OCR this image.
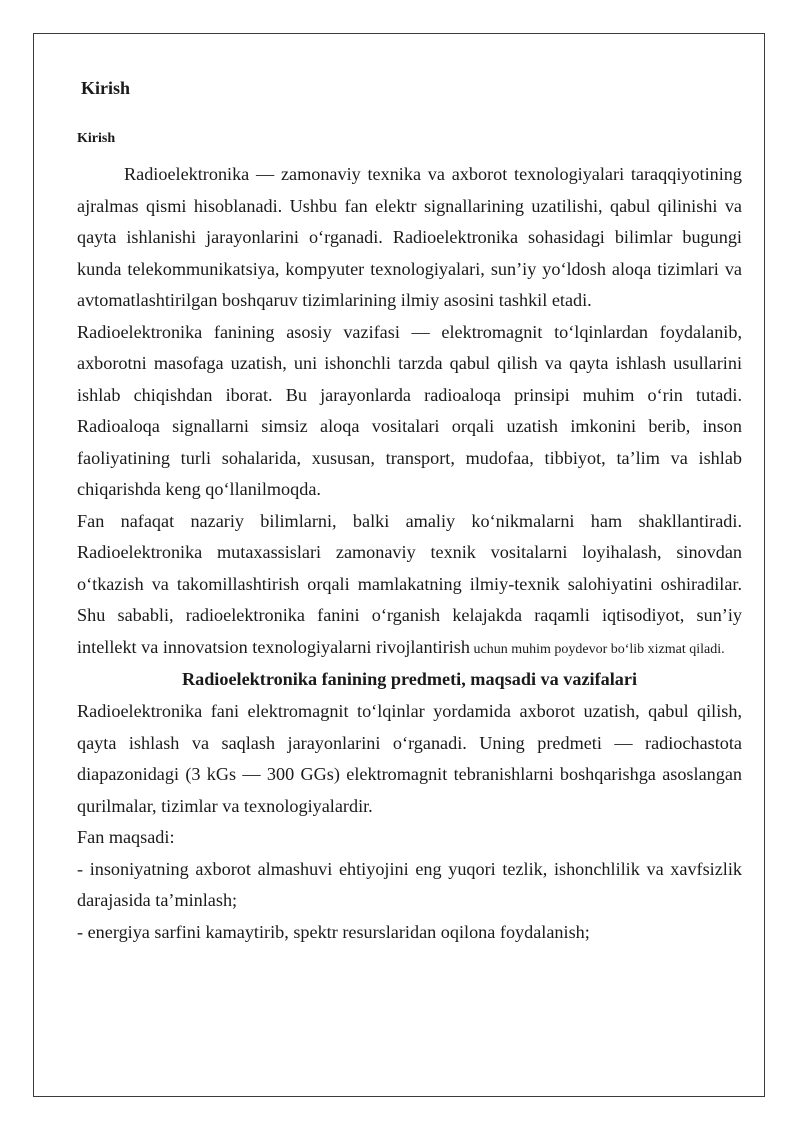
Kirish
Kirish

Radioelektronika — zamonaviy texnika va axborot texnologiyalari taraqqiyotining ajralmas qismi hisoblanadi. Ushbu fan elektr signallarining uzatilishi, qabul qilinishi va qayta ishlanishi jarayonlarini o‘rganadi. Radioelektronika sohasidagi bilimlar bugungi kunda telekommunikatsiya, kompyuter texnologiyalari, sun’iy yo‘ldosh aloqa tizimlari va avtomatlashtirilgan boshqaruv tizimlarining ilmiy asosini tashkil etadi.

Radioelektronika fanining asosiy vazifasi — elektromagnit to‘lqinlardan foydalanib, axborotni masofaga uzatish, uni ishonchli tarzda qabul qilish va qayta ishlash usullarini ishlab chiqishdan iborat. Bu jarayonlarda radioaloqa prinsipi muhim o‘rin tutadi. Radioaloqa signallarni simsiz aloqa vositalari orqali uzatish imkonini berib, inson faoliyatining turli sohalarida, xususan, transport, mudofaa, tibbiyot, ta’lim va ishlab chiqarishda keng qo‘llanilmoqda.

Fan nafaqat nazariy bilimlarni, balki amaliy ko‘nikmalarni ham shakllantiradi. Radioelektronika mutaxassislari zamonaviy texnik vositalarni loyihalash, sinovdan o‘tkazish va takomillashtirish orqali mamlakatning ilmiy-texnik salohiyatini oshiradilar. Shu sababli, radioelektronika fanini o‘rganish kelajakda raqamli iqtisodiyot, sun’iy intellekt va innovatsion texnologiyalarni rivojlantirish uchun muhim poydevor bo‘lib xizmat qiladi.

Radioelektronika fanining predmeti, maqsadi va vazifalari

Radioelektronika fani elektromagnit to‘lqinlar yordamida axborot uzatish, qabul qilish, qayta ishlash va saqlash jarayonlarini o‘rganadi. Uning predmeti — radiochastota diapazonidagi (3 kGs — 300 GGs) elektromagnit tebranishlarni boshqarishga asoslangan qurilmalar, tizimlar va texnologiyalardir.

Fan maqsadi:

- insoniyatning axborot almashuvi ehtiyojini eng yuqori tezlik, ishonchlilik va xavfsizlik darajasida ta’minlash;

- energiya sarfini kamaytirib, spektr resurslaridan oqilona foydalanish;
